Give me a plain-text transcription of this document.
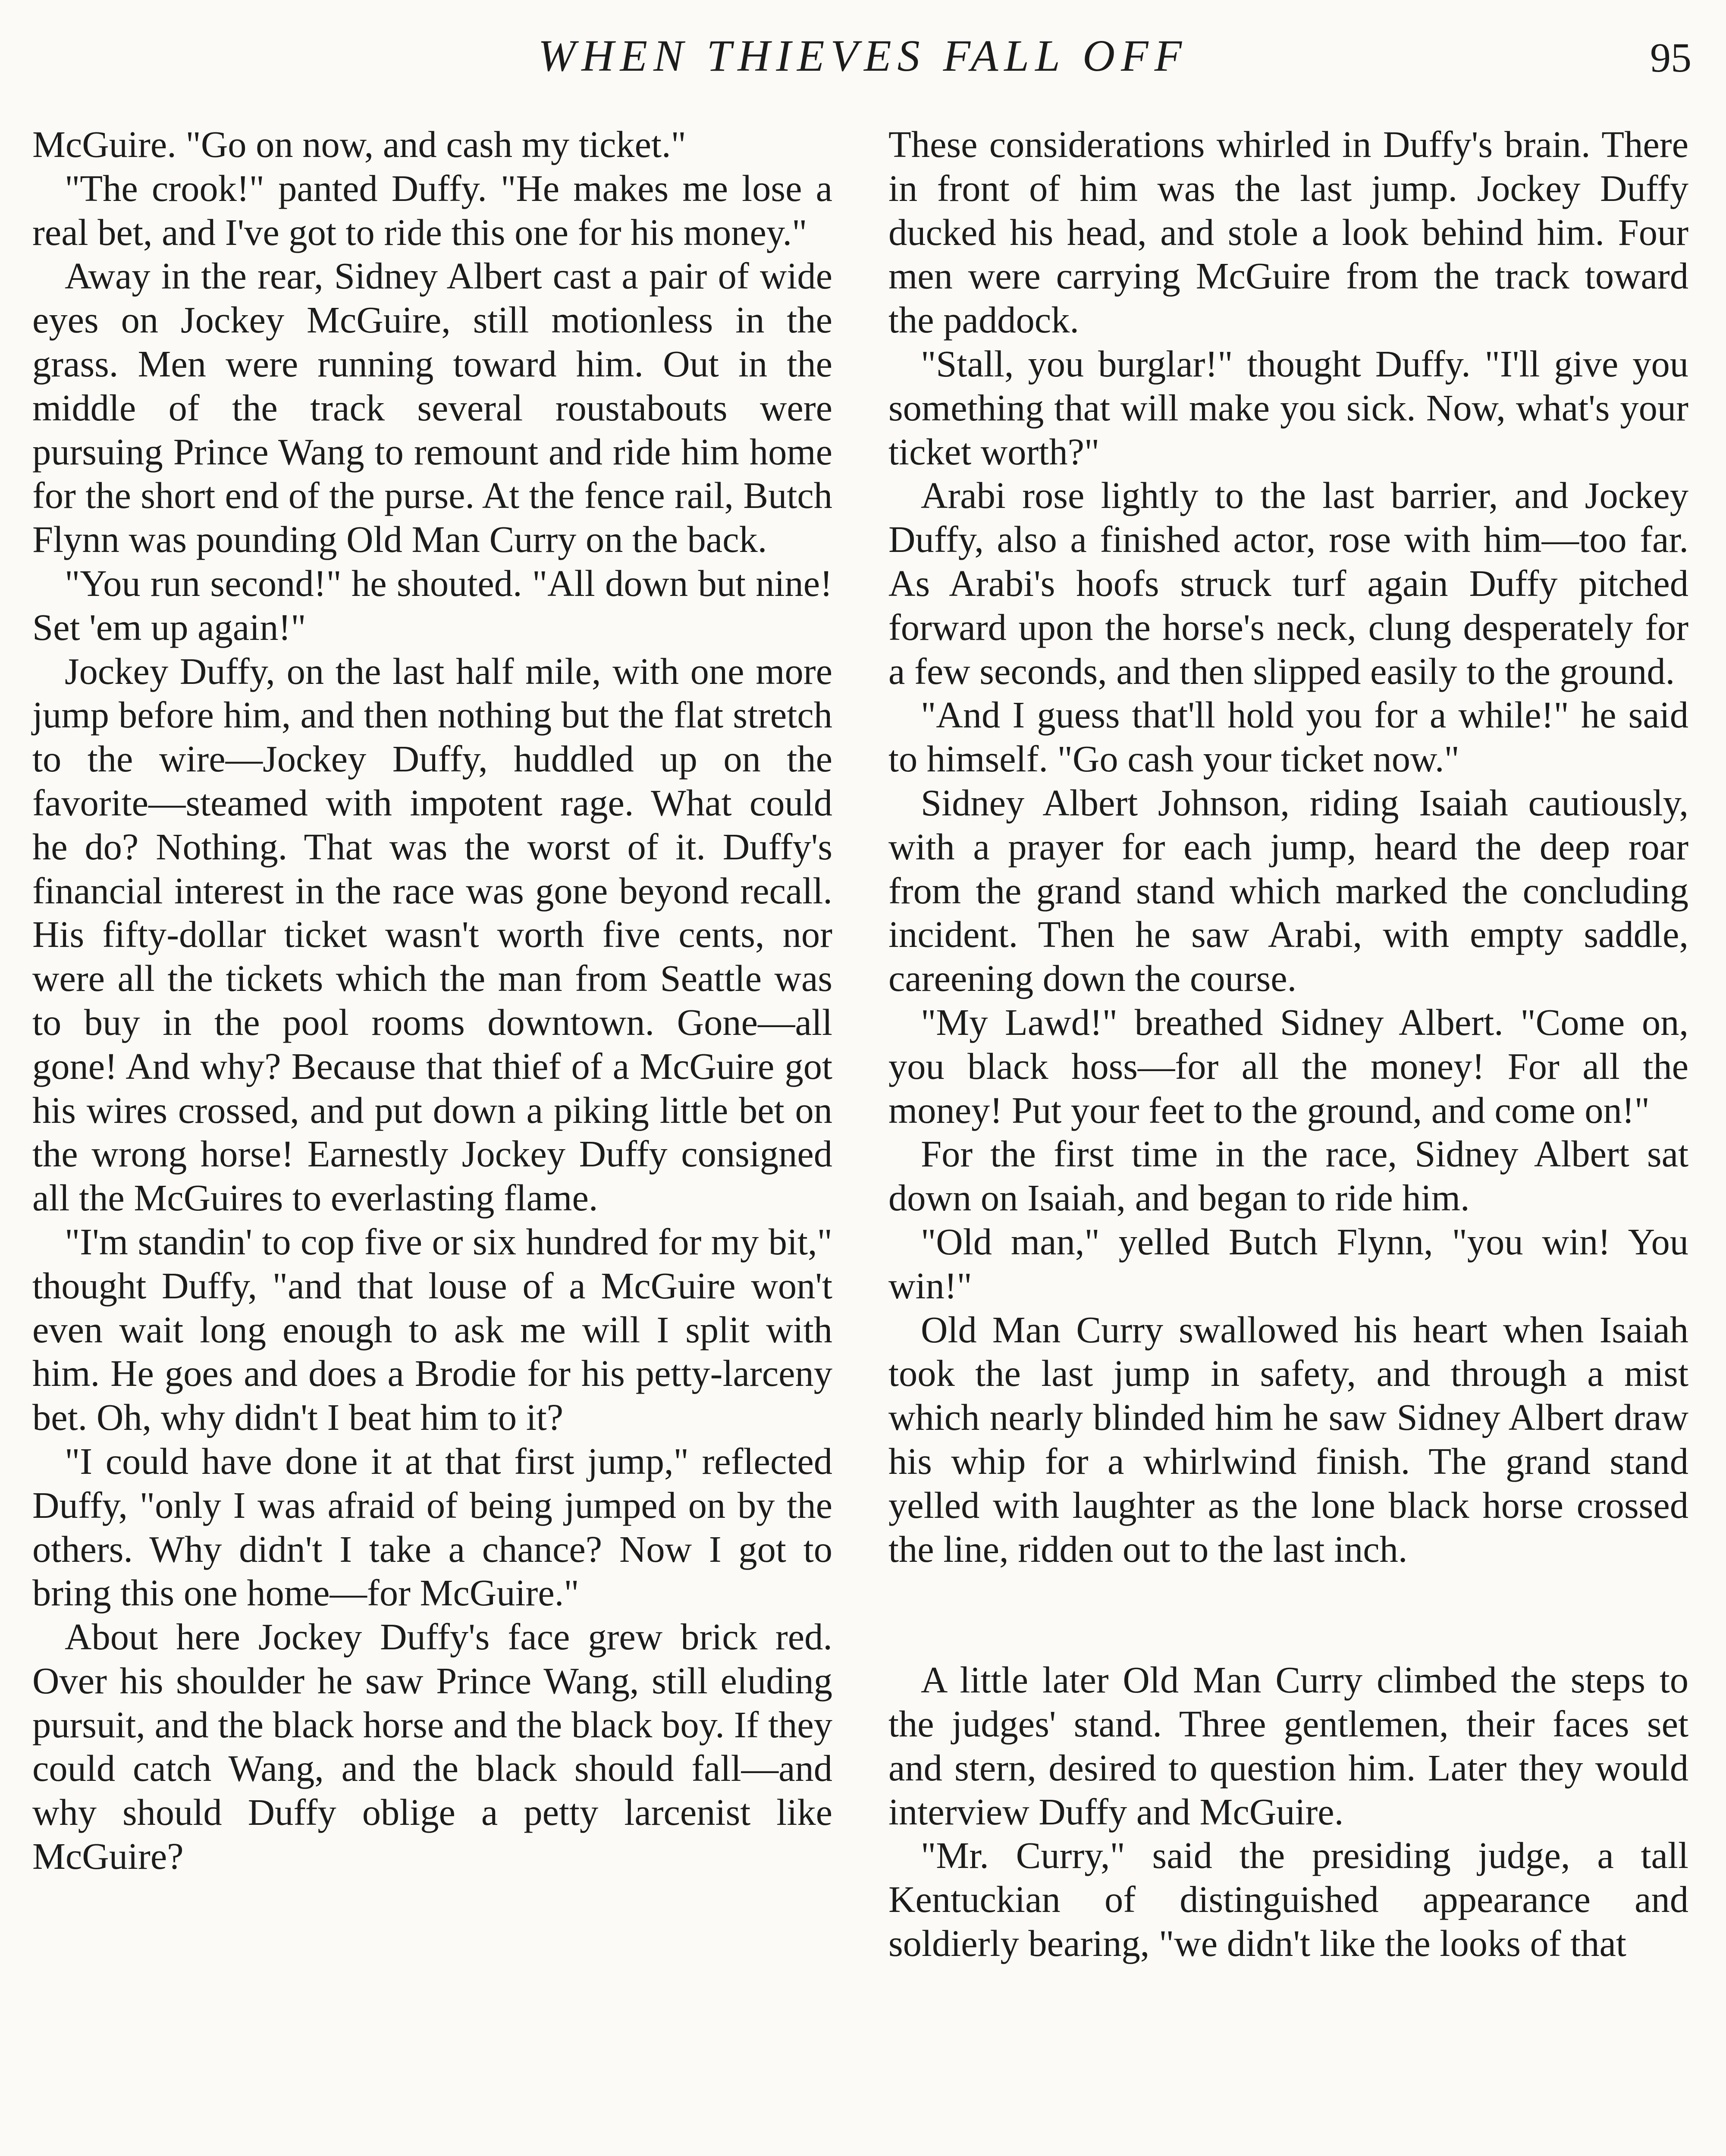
WHEN THIEVES FALL OFF	95

McGuire. "Go on now, and cash my ticket."

"The crook!" panted Duffy. "He makes me lose a real bet, and I've got to ride this one for his money."

Away in the rear, Sidney Albert cast a pair of wide eyes on Jockey McGuire, still motionless in the grass. Men were running toward him. Out in the middle of the track several roustabouts were pursuing Prince Wang to remount and ride him home for the short end of the purse. At the fence rail, Butch Flynn was pounding Old Man Curry on the back.

"You run second!" he shouted. "All down but nine! Set 'em up again!"

Jockey Duffy, on the last half mile, with one more jump before him, and then nothing but the flat stretch to the wire—Jockey Duffy, huddled up on the favorite—steamed with impotent rage. What could he do? Nothing. That was the worst of it. Duffy's financial interest in the race was gone beyond recall. His fifty-dollar ticket wasn't worth five cents, nor were all the tickets which the man from Seattle was to buy in the pool rooms downtown. Gone—all gone! And why? Because that thief of a McGuire got his wires crossed, and put down a piking little bet on the wrong horse! Earnestly Jockey Duffy consigned all the McGuires to everlasting flame.

"I'm standin' to cop five or six hundred for my bit," thought Duffy, "and that louse of a McGuire won't even wait long enough to ask me will I split with him. He goes and does a Brodie for his petty-larceny bet. Oh, why didn't I beat him to it?

"I could have done it at that first jump," reflected Duffy, "only I was afraid of being jumped on by the others. Why didn't I take a chance? Now I got to bring this one home—for McGuire."

About here Jockey Duffy's face grew brick red. Over his shoulder he saw Prince Wang, still eluding pursuit, and the black horse and the black boy. If they could catch Wang, and the black should fall—and why should Duffy oblige a petty larcenist like McGuire?

These considerations whirled in Duffy's brain. There in front of him was the last jump. Jockey Duffy ducked his head, and stole a look behind him. Four men were carrying McGuire from the track toward the paddock.

"Stall, you burglar!" thought Duffy. "I'll give you something that will make you sick. Now, what's your ticket worth?"

Arabi rose lightly to the last barrier, and Jockey Duffy, also a finished actor, rose with him—too far. As Arabi's hoofs struck turf again Duffy pitched forward upon the horse's neck, clung desperately for a few seconds, and then slipped easily to the ground.

"And I guess that'll hold you for a while!" he said to himself. "Go cash your ticket now."

Sidney Albert Johnson, riding Isaiah cautiously, with a prayer for each jump, heard the deep roar from the grand stand which marked the concluding incident. Then he saw Arabi, with empty saddle, careening down the course.

"My Lawd!" breathed Sidney Albert. "Come on, you black hoss—for all the money! For all the money! Put your feet to the ground, and come on!"

For the first time in the race, Sidney Albert sat down on Isaiah, and began to ride him.

"Old man," yelled Butch Flynn, "you win! You win!"

Old Man Curry swallowed his heart when Isaiah took the last jump in safety, and through a mist which nearly blinded him he saw Sidney Albert draw his whip for a whirlwind finish. The grand stand yelled with laughter as the lone black horse crossed the line, ridden out to the last inch.

A little later Old Man Curry climbed the steps to the judges' stand. Three gentlemen, their faces set and stern, desired to question him. Later they would interview Duffy and McGuire.

"Mr. Curry," said the presiding judge, a tall Kentuckian of distinguished appearance and soldierly bearing, "we didn't like the looks of that
